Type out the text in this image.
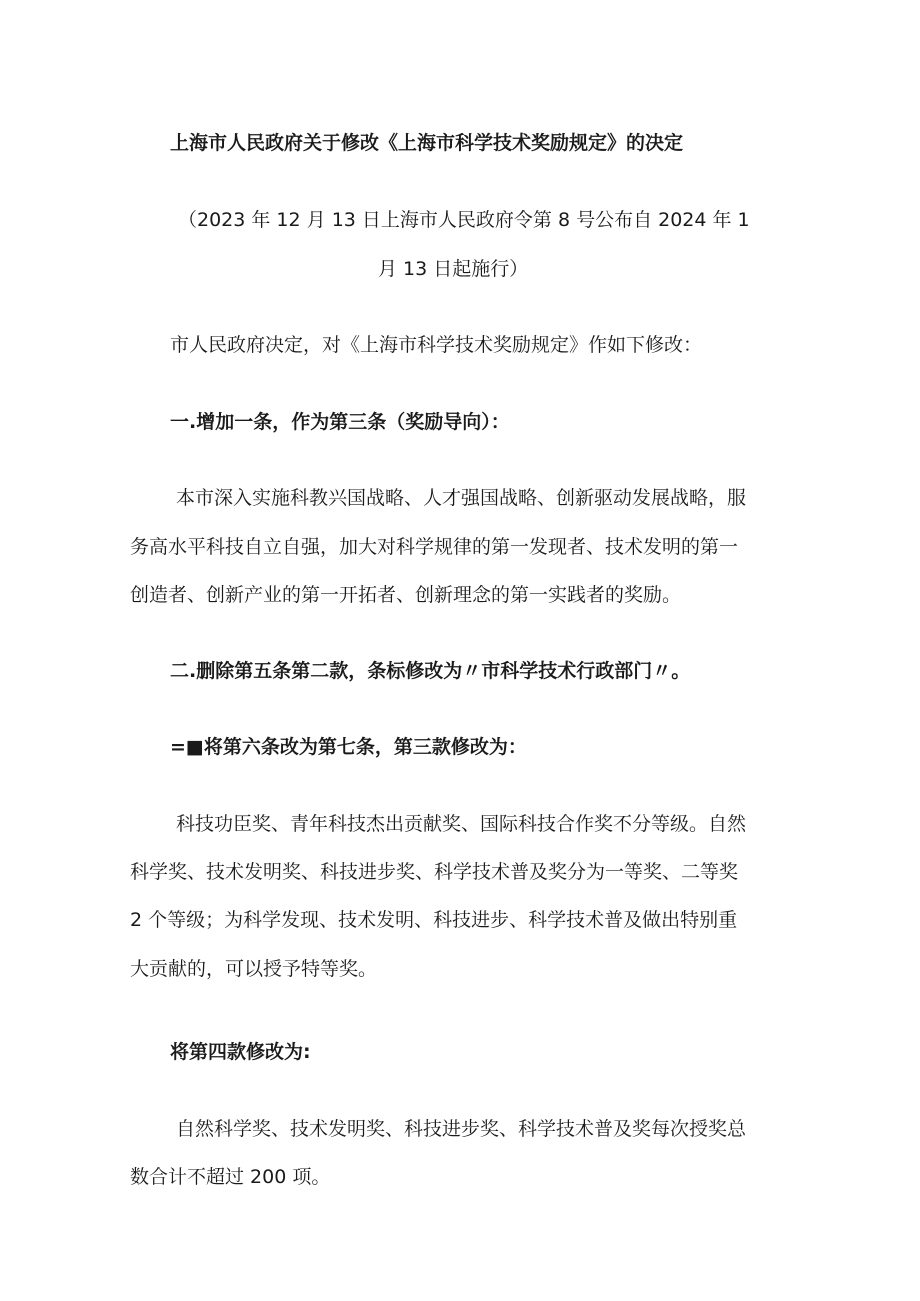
上海市人民政府关于修改《上海市科学技术奖励规定》的决定

（2023 年 12 月 13 日上海市人民政府令第 8 号公布自 2024 年 1

月 13 日起施行）

市人民政府决定，对《上海市科学技术奖励规定》作如下修改：

一.增加一条，作为第三条（奖励导向）：

本市深入实施科教兴国战略、人才强国战略、创新驱动发展战略，服

务高水平科技自立自强，加大对科学规律的第一发现者、技术发明的第一

创造者、创新产业的第一开拓者、创新理念的第一实践者的奖励。

二.删除第五条第二款，条标修改为〃市科学技术行政部门〃。

=■将第六条改为第七条，第三款修改为：

科技功臣奖、青年科技杰出贡献奖、国际科技合作奖不分等级。自然

科学奖、技术发明奖、科技进步奖、科学技术普及奖分为一等奖、二等奖

2 个等级；为科学发现、技术发明、科技进步、科学技术普及做出特别重

大贡献的，可以授予特等奖。

将第四款修改为:

自然科学奖、技术发明奖、科技进步奖、科学技术普及奖每次授奖总

数合计不超过 200 项。
